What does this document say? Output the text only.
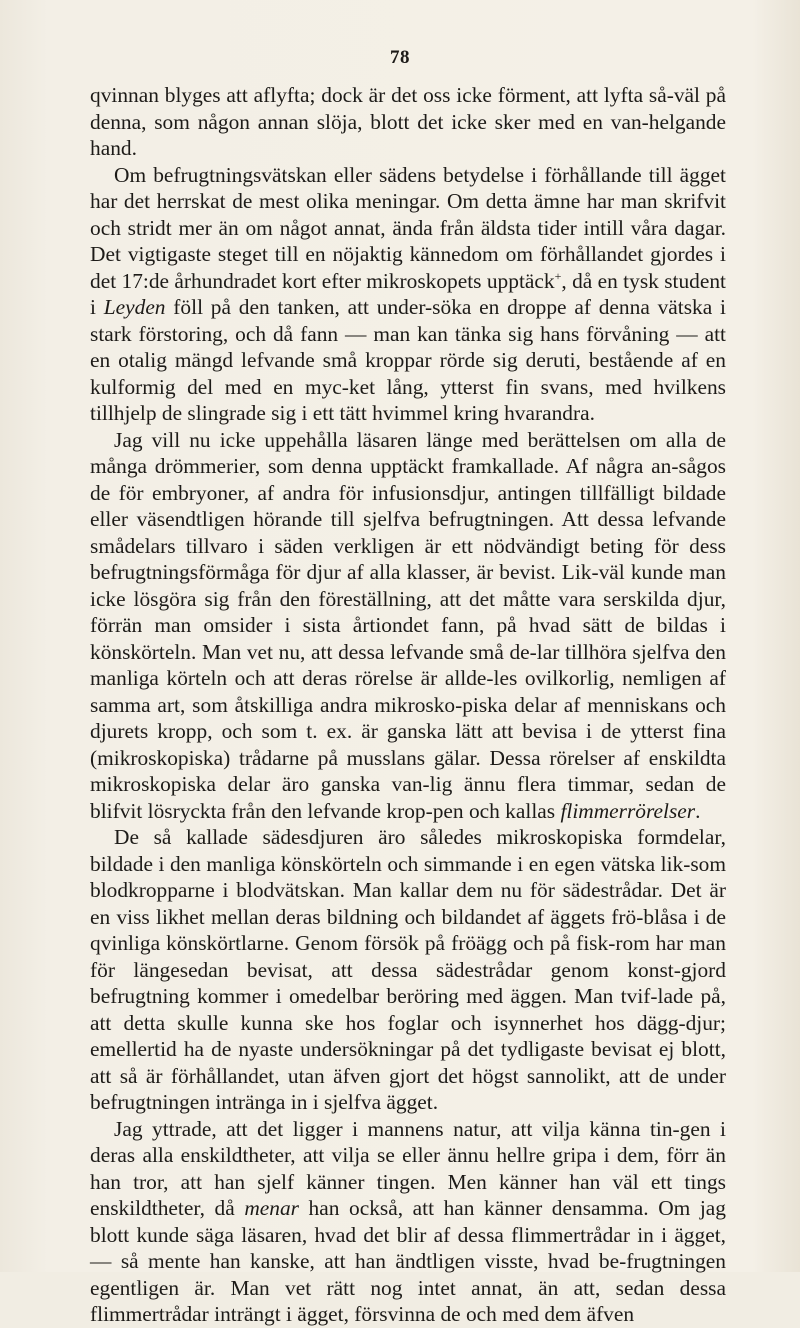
78

qvinnan blyges att aflyfta; dock är det oss icke förment, att lyfta så-väl på denna, som någon annan slöja, blott det icke sker med en van-helgande hand.

Om befrugtningsvätskan eller sädens betydelse i förhållande till ägget har det herrskat de mest olika meningar. Om detta ämne har man skrifvit och stridt mer än om något annat, ända från äldsta tider intill våra dagar. Det vigtigaste steget till en nöjaktig kännedom om förhållandet gjordes i det 17:de århundradet kort efter mikroskopets upptäck+, då en tysk student i Leyden föll på den tanken, att under-söka en droppe af denna vätska i stark förstoring, och då fann — man kan tänka sig hans förvåning — att en otalig mängd lefvande små kroppar rörde sig deruti, bestående af en kulformig del med en myc-ket lång, ytterst fin svans, med hvilkens tillhjelp de slingrade sig i ett tätt hvimmel kring hvarandra.

Jag vill nu icke uppehålla läsaren länge med berättelsen om alla de många drömmerier, som denna upptäckt framkallade. Af några an-sågos de för embryoner, af andra för infusionsdjur, antingen tillfälligt bildade eller väsendtligen hörande till sjelfva befrugtningen. Att dessa lefvande smådelars tillvaro i säden verkligen är ett nödvändigt beting för dess befrugtningsförmåga för djur af alla klasser, är bevist. Lik-väl kunde man icke lösgöra sig från den föreställning, att det måtte vara serskilda djur, förrän man omsider i sista årtiondet fann, på hvad sätt de bildas i könskörteln. Man vet nu, att dessa lefvande små de-lar tillhöra sjelfva den manliga körteln och att deras rörelse är allde-les ovilkorlig, nemligen af samma art, som åtskilliga andra mikrosko-piska delar af menniskans och djurets kropp, och som t. ex. är ganska lätt att bevisa i de ytterst fina (mikroskopiska) trådarne på musslans gälar. Dessa rörelser af enskildta mikroskopiska delar äro ganska van-lig ännu flera timmar, sedan de blifvit lösryckta från den lefvande krop-pen och kallas flimmerrörelser.

De så kallade sädesdjuren äro således mikroskopiska formdelar, bildade i den manliga könskörteln och simmande i en egen vätska lik-som blodkropparne i blodvätskan. Man kallar dem nu för sädestrådar. Det är en viss likhet mellan deras bildning och bildandet af äggets frö-blåsa i de qvinliga könskörtlarne. Genom försök på fröägg och på fisk-rom har man för längesedan bevisat, att dessa sädestrådar genom konst-gjord befrugtning kommer i omedelbar beröring med äggen. Man tvif-lade på, att detta skulle kunna ske hos foglar och isynnerhet hos dägg-djur; emellertid ha de nyaste undersökningar på det tydligaste bevisat ej blott, att så är förhållandet, utan äfven gjort det högst sannolikt, att de under befrugtningen intränga in i sjelfva ägget.

Jag yttrade, att det ligger i mannens natur, att vilja känna tin-gen i deras alla enskildtheter, att vilja se eller ännu hellre gripa i dem, förr än han tror, att han sjelf känner tingen. Men känner han väl ett tings enskildtheter, då menar han också, att han känner densamma. Om jag blott kunde säga läsaren, hvad det blir af dessa flimmertrådar in i ägget, — så mente han kanske, att han ändtligen visste, hvad be-frugtningen egentligen är. Man vet rätt nog intet annat, än att, sedan dessa flimmertrådar inträngt i ägget, försvinna de och med dem äfven
